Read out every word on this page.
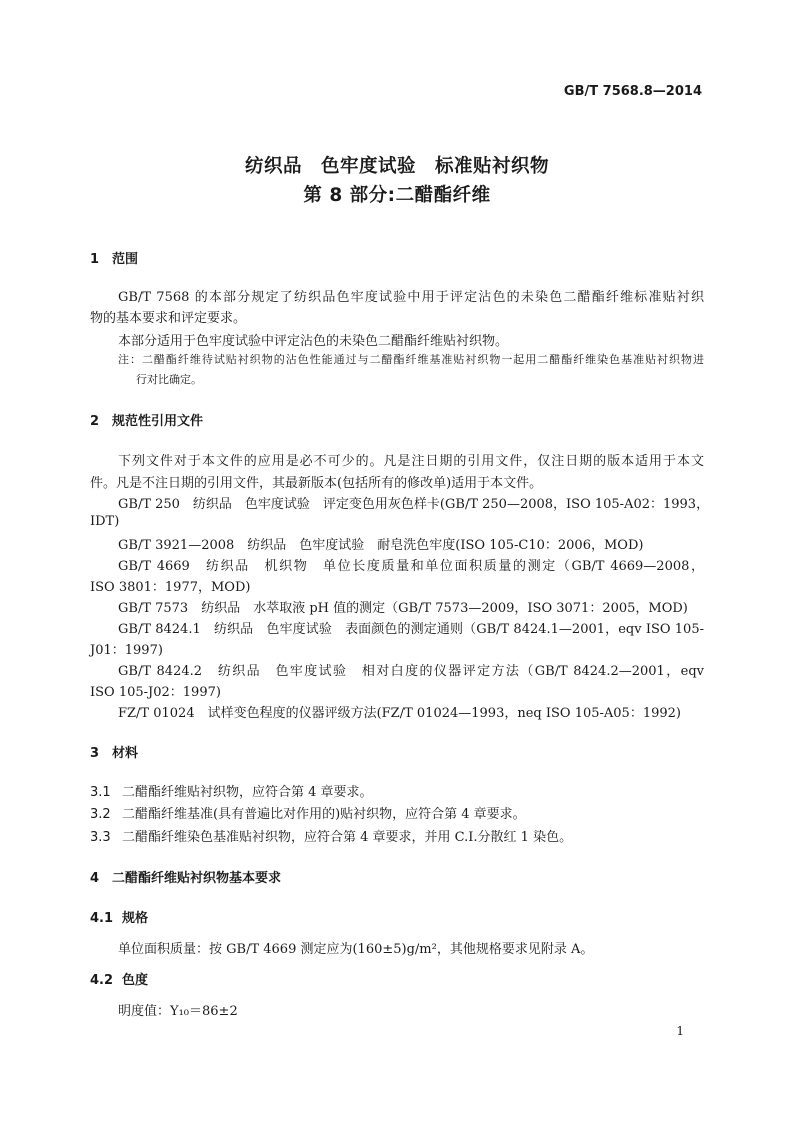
GB/T 7568.8—2014
纺织品　色牢度试验　标准贴衬织物
第 8 部分:二醋酯纤维
1 范围
GB/T 7568 的本部分规定了纺织品色牢度试验中用于评定沾色的未染色二醋酯纤维标准贴衬织
物的基本要求和评定要求。
本部分适用于色牢度试验中评定沾色的未染色二醋酯纤维贴衬织物。
注：二醋酯纤维待试贴衬织物的沾色性能通过与二醋酯纤维基准贴衬织物一起用二醋酯纤维染色基准贴衬织物进
行对比确定。
2 规范性引用文件
下列文件对于本文件的应用是必不可少的。凡是注日期的引用文件，仅注日期的版本适用于本文
件。凡是不注日期的引用文件，其最新版本(包括所有的修改单)适用于本文件。
GB/T 250　纺织品　色牢度试验　评定变色用灰色样卡(GB/T 250—2008，ISO 105-A02：1993，
IDT)
GB/T 3921—2008　纺织品　色牢度试验　耐皂洗色牢度(ISO 105-C10：2006，MOD)
GB/T 4669　纺织品　机织物　单位长度质量和单位面积质量的测定（GB/T 4669—2008，
ISO 3801：1977，MOD)
GB/T 7573　纺织品　水萃取液 pH 值的测定（GB/T 7573—2009，ISO 3071：2005，MOD)
GB/T 8424.1　纺织品　色牢度试验　表面颜色的测定通则（GB/T 8424.1—2001，eqv ISO 105-
J01：1997)
GB/T 8424.2　纺织品　色牢度试验　相对白度的仪器评定方法（GB/T 8424.2—2001，eqv
ISO 105-J02：1997)
FZ/T 01024　试样变色程度的仪器评级方法(FZ/T 01024—1993，neq ISO 105-A05：1992)
3 材料
3.1 二醋酯纤维贴衬织物，应符合第 4 章要求。
3.2 二醋酯纤维基准(具有普遍比对作用的)贴衬织物，应符合第 4 章要求。
3.3 二醋酯纤维染色基准贴衬织物，应符合第 4 章要求，并用 C.I.分散红 1 染色。
4 二醋酯纤维贴衬织物基本要求
4.1 规格
单位面积质量：按 GB/T 4669 测定应为(160±5)g/m²，其他规格要求见附录 A。
4.2 色度
明度值：Y₁₀＝86±2
1
